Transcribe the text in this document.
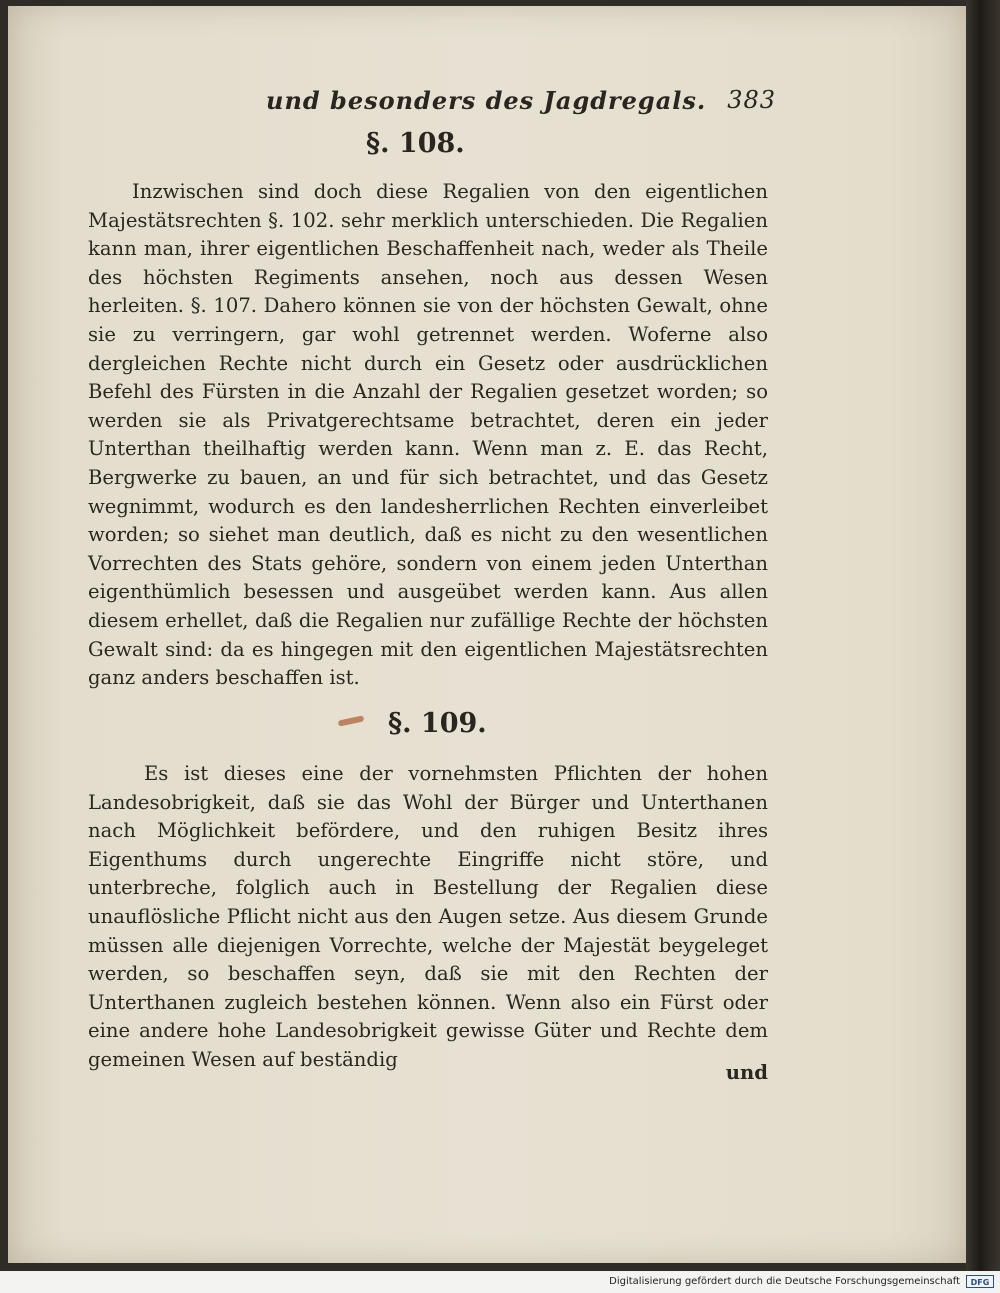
und besonders des Jagdregals. 383
§. 108.
Inzwischen sind doch diese Regalien von den eigentlichen Majestätsrechten §. 102. sehr merklich unterschieden. Die Regalien kann man, ihrer eigentlichen Beschaffenheit nach, weder als Theile des höchsten Regiments ansehen, noch aus dessen Wesen herleiten. §. 107. Dahero können sie von der höchsten Gewalt, ohne sie zu verringern, gar wohl getrennet werden. Woferne also dergleichen Rechte nicht durch ein Gesetz oder ausdrücklichen Befehl des Fürsten in die Anzahl der Regalien gesetzet worden; so werden sie als Privatgerechtsame betrachtet, deren ein jeder Unterthan theilhaftig werden kann. Wenn man z. E. das Recht, Bergwerke zu bauen, an und für sich betrachtet, und das Gesetz wegnimmt, wodurch es den landesherrlichen Rechten einverleibet worden; so siehet man deutlich, daß es nicht zu den wesentlichen Vorrechten des Stats gehöre, sondern von einem jeden Unterthan eigenthümlich besessen und ausgeübet werden kann. Aus allen diesem erhellet, daß die Regalien nur zufällige Rechte der höchsten Gewalt sind: da es hingegen mit den eigentlichen Majestätsrechten ganz anders beschaffen ist.
§. 109.
Es ist dieses eine der vornehmsten Pflichten der hohen Landesobrigkeit, daß sie das Wohl der Bürger und Unterthanen nach Möglichkeit befördere, und den ruhigen Besitz ihres Eigenthums durch ungerechte Eingriffe nicht störe, und unterbreche, folglich auch in Bestellung der Regalien diese unauflösliche Pflicht nicht aus den Augen setze. Aus diesem Grunde müssen alle diejenigen Vorrechte, welche der Majestät beygeleget werden, so beschaffen seyn, daß sie mit den Rechten der Unterthanen zugleich bestehen können. Wenn also ein Fürst oder eine andere hohe Landesobrigkeit gewisse Güter und Rechte dem gemeinen Wesen auf beständig
und
Digitalisierung gefördert durch die Deutsche Forschungsgemeinschaft	DFG
